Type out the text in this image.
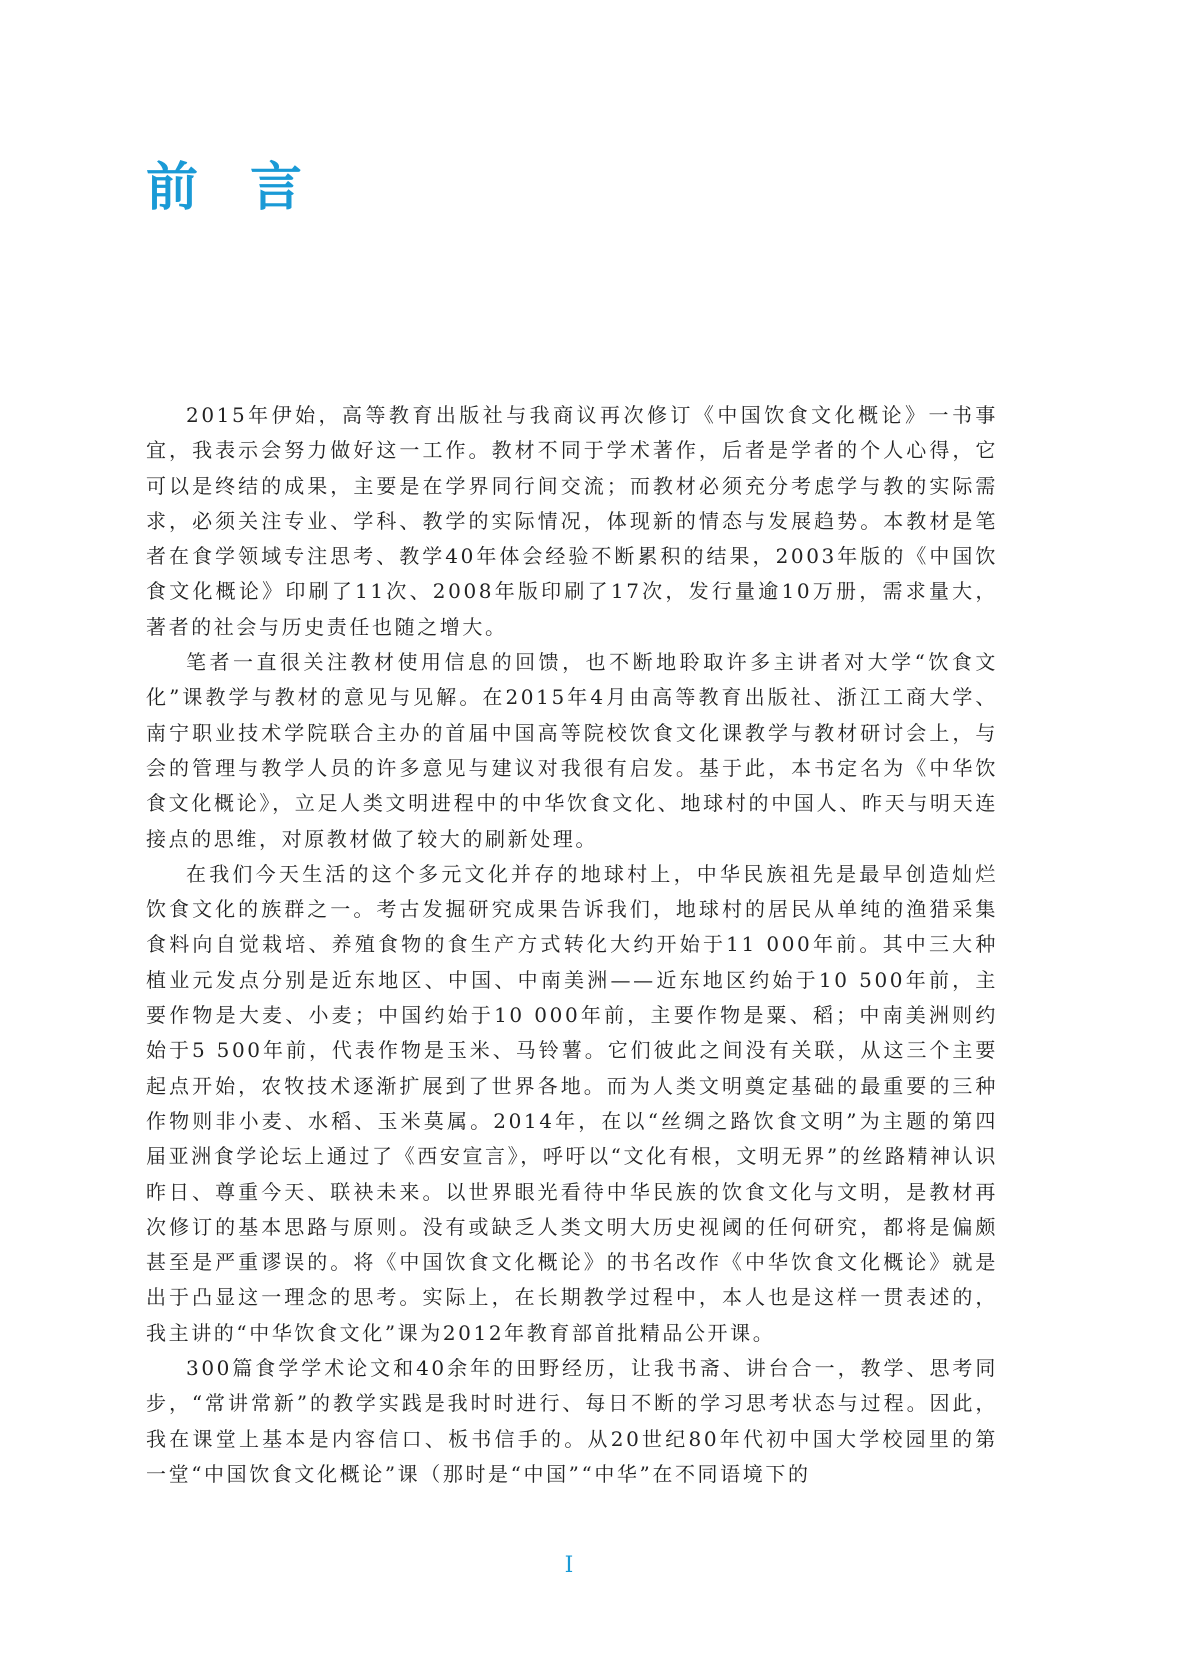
前言

2015年伊始，高等教育出版社与我商议再次修订《中国饮食文化概论》一书事宜，我表示会努力做好这一工作。教材不同于学术著作，后者是学者的个人心得，它可以是终结的成果，主要是在学界同行间交流；而教材必须充分考虑学与教的实际需求，必须关注专业、学科、教学的实际情况，体现新的情态与发展趋势。本教材是笔者在食学领域专注思考、教学40年体会经验不断累积的结果，2003年版的《中国饮食文化概论》印刷了11次、2008年版印刷了17次，发行量逾10万册，需求量大，著者的社会与历史责任也随之增大。

笔者一直很关注教材使用信息的回馈，也不断地聆取许多主讲者对大学“饮食文化”课教学与教材的意见与见解。在2015年4月由高等教育出版社、浙江工商大学、南宁职业技术学院联合主办的首届中国高等院校饮食文化课教学与教材研讨会上，与会的管理与教学人员的许多意见与建议对我很有启发。基于此，本书定名为《中华饮食文化概论》，立足人类文明进程中的中华饮食文化、地球村的中国人、昨天与明天连接点的思维，对原教材做了较大的刷新处理。

在我们今天生活的这个多元文化并存的地球村上，中华民族祖先是最早创造灿烂饮食文化的族群之一。考古发掘研究成果告诉我们，地球村的居民从单纯的渔猎采集食料向自觉栽培、养殖食物的食生产方式转化大约开始于11 000年前。其中三大种植业元发点分别是近东地区、中国、中南美洲——近东地区约始于10 500年前，主要作物是大麦、小麦；中国约始于10 000年前，主要作物是粟、稻；中南美洲则约始于5 500年前，代表作物是玉米、马铃薯。它们彼此之间没有关联，从这三个主要起点开始，农牧技术逐渐扩展到了世界各地。而为人类文明奠定基础的最重要的三种作物则非小麦、水稻、玉米莫属。2014年，在以“丝绸之路饮食文明”为主题的第四届亚洲食学论坛上通过了《西安宣言》，呼吁以“文化有根，文明无界”的丝路精神认识昨日、尊重今天、联袂未来。以世界眼光看待中华民族的饮食文化与文明，是教材再次修订的基本思路与原则。没有或缺乏人类文明大历史视阈的任何研究，都将是偏颇甚至是严重谬误的。将《中国饮食文化概论》的书名改作《中华饮食文化概论》就是出于凸显这一理念的思考。实际上，在长期教学过程中，本人也是这样一贯表述的，我主讲的“中华饮食文化”课为2012年教育部首批精品公开课。

300篇食学学术论文和40余年的田野经历，让我书斋、讲台合一，教学、思考同步，“常讲常新”的教学实践是我时时进行、每日不断的学习思考状态与过程。因此，我在课堂上基本是内容信口、板书信手的。从20世纪80年代初中国大学校园里的第一堂“中国饮食文化概论”课（那时是“中国”“中华”在不同语境下的

I
